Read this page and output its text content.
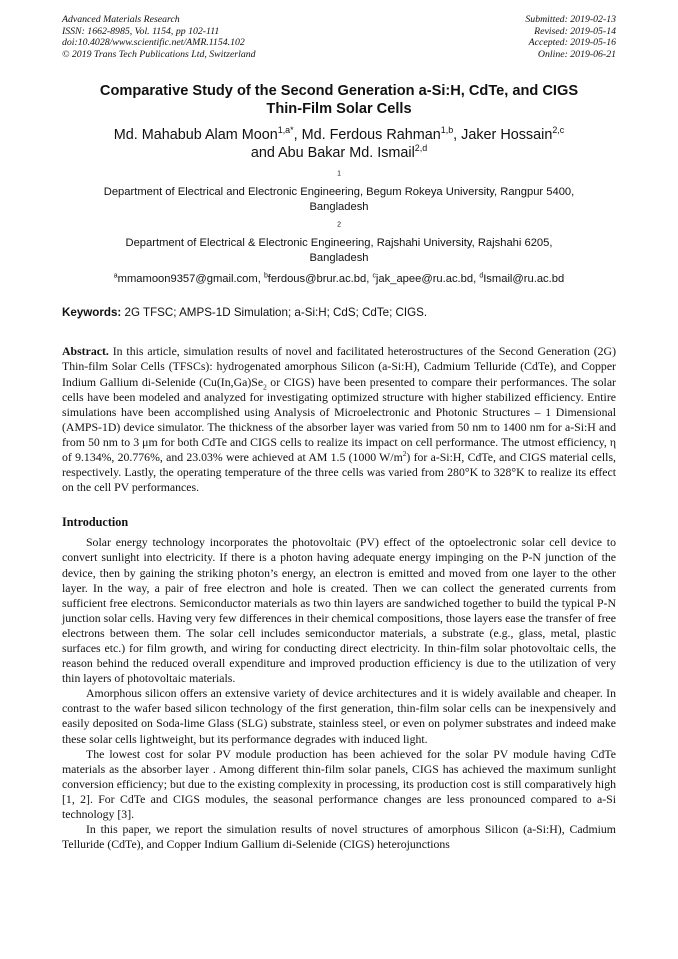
Advanced Materials Research
ISSN: 1662-8985, Vol. 1154, pp 102-111
doi:10.4028/www.scientific.net/AMR.1154.102
© 2019 Trans Tech Publications Ltd, Switzerland
Submitted: 2019-02-13
Revised: 2019-05-14
Accepted: 2019-05-16
Online: 2019-06-21
Comparative Study of the Second Generation a-Si:H, CdTe, and CIGS
Thin-Film Solar Cells
Md. Mahabub Alam Moon$^{1,a*}$, Md. Ferdous Rahman$^{1,b}$, Jaker Hossain$^{2,c}$
and Abu Bakar Md. Ismail$^{2,d}$
$^1$
Department of Electrical and Electronic Engineering, Begum Rokeya University, Rangpur 5400,
Bangladesh
$^2$
Department of Electrical & Electronic Engineering, Rajshahi University, Rajshahi 6205,
Bangladesh
$^a$mmamoon9357@gmail.com, $^b$ferdous@brur.ac.bd, $^c$jak_apee@ru.ac.bd, $^d$Ismail@ru.ac.bd
Keywords: 2G TFSC; AMPS-1D Simulation; a-Si:H; CdS; CdTe; CIGS.

Abstract. In this article, simulation results of novel and facilitated heterostructures of the Second Generation (2G) Thin-film Solar Cells (TFSCs): hydrogenated amorphous Silicon (a-Si:H), Cadmium Telluride (CdTe), and Copper Indium Gallium di-Selenide ($Cu(In,Ga)Se_2$ or CIGS) have been presented to compare their performances. The solar cells have been modeled and analyzed for investigating optimized structure with higher stabilized efficiency. Entire simulations have been accomplished using Analysis of Microelectronic and Photonic Structures – 1 Dimensional (AMPS-1D) device simulator. The thickness of the absorber layer was varied from 50 nm to 1400 nm for a-Si:H and from 50 nm to 3 μm for both CdTe and CIGS cells to realize its impact on cell performance. The utmost efficiency, η of 9.134%, 20.776%, and 23.03% were achieved at AM 1.5 (1000 $W/m^2$) for a-Si:H, CdTe, and CIGS material cells, respectively. Lastly, the operating temperature of the three cells was varied from 280°K to 328°K to realize its effect on the cell PV performances.

Introduction

Solar energy technology incorporates the photovoltaic (PV) effect of the optoelectronic solar cell device to convert sunlight into electricity. If there is a photon having adequate energy impinging on the P-N junction of the device, then by gaining the striking photon’s energy, an electron is emitted and moved from one layer to the other layer. In the way, a pair of free electron and hole is created. Then we can collect the generated currents from sufficient free electrons. Semiconductor materials as two thin layers are sandwiched together to build the typical P-N junction solar cells. Having very few differences in their chemical compositions, those layers ease the transfer of free electrons between them. The solar cell includes semiconductor materials, a substrate (e.g., glass, metal, plastic surfaces etc.) for film growth, and wiring for conducting direct electricity. In thin-film solar photovoltaic cells, the reason behind the reduced overall expenditure and improved production efficiency is due to the utilization of very thin layers of photovoltaic materials.

Amorphous silicon offers an extensive variety of device architectures and it is widely available and cheaper. In contrast to the wafer based silicon technology of the first generation, thin-film solar cells can be inexpensively and easily deposited on Soda-lime Glass (SLG) substrate, stainless steel, or even on polymer substrates and indeed make these solar cells lightweight, but its performance degrades with induced light.

The lowest cost for solar PV module production has been achieved for the solar PV module having CdTe materials as the absorber layer . Among different thin-film solar panels, CIGS has achieved the maximum sunlight conversion efficiency; but due to the existing complexity in processing, its production cost is still comparatively high [1, 2]. For CdTe and CIGS modules, the seasonal performance changes are less pronounced compared to a-Si technology [3].

In this paper, we report the simulation results of novel structures of amorphous Silicon (a-Si:H), Cadmium Telluride (CdTe), and Copper Indium Gallium di-Selenide (CIGS) heterojunctions
